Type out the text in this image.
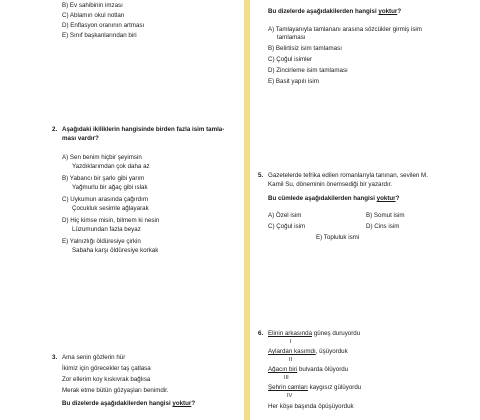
B) Ev sahibinin imzası
C) Ablamın okul notları
D) Enflasyon oranının artması
E) Sınıf başkanlarından biri
2. Aşağıdaki ikiliklerin hangisinde birden fazla isim tamla-
ması vardır?
A) Sen benim hiçbir şeyimsin
Yazdıklarımdan çok daha az
B) Yabancı bir şarkı gibi yarım
Yağmurlu bir ağaç gibi ıslak
C) Uykumun arasında çağırdım
Çocukluk sesimle ağlayarak
D) Hiç kimse misin, bilmem ki nesin
Lüzumundan fazla beyaz
E) Yalnızlığı öldüresiye çirkin
Sabaha karşı öldüresiye korkak
3. Ama senin gözlerin hür
İkimiz için görecekler taş çatlasa
Zor ellerim koy kıskıvrak bağlısa
Merak etme bütün gözyaşları benimdir.
Bu dizelerde aşağıdakilerden hangisi yoktur?
Bu dizelerde aşağıdakilerden hangisi yoktur?
A) Tamlayanıyla tamlananı arasına sözcükler girmiş isim
tamlaması
B) Belirtisiz isim tamlaması
C) Çoğul isimler
D) Zincirleme isim tamlaması
E) Basit yapılı isim
5. Gazetelerde tefrika edilen romanlarıyla tanınan, sevilen M.
Kamil Su, döneminin önemsediği bir yazardır.
Bu cümlede aşağıdakilerden hangisi yoktur?
A) Özel isim	B) Somut isim
C) Çoğul isim	D) Cins isim
E) Topluluk ismi
6. Elinin arkasında güneş duruyordu
I
Aylardan kasımdı, üşüyorduk
II
Ağacın biri bulvarda ölüyordu
III
Şehrin camları kaygısız gülüyordu
IV
Her köşe başında öpüşüyorduk
